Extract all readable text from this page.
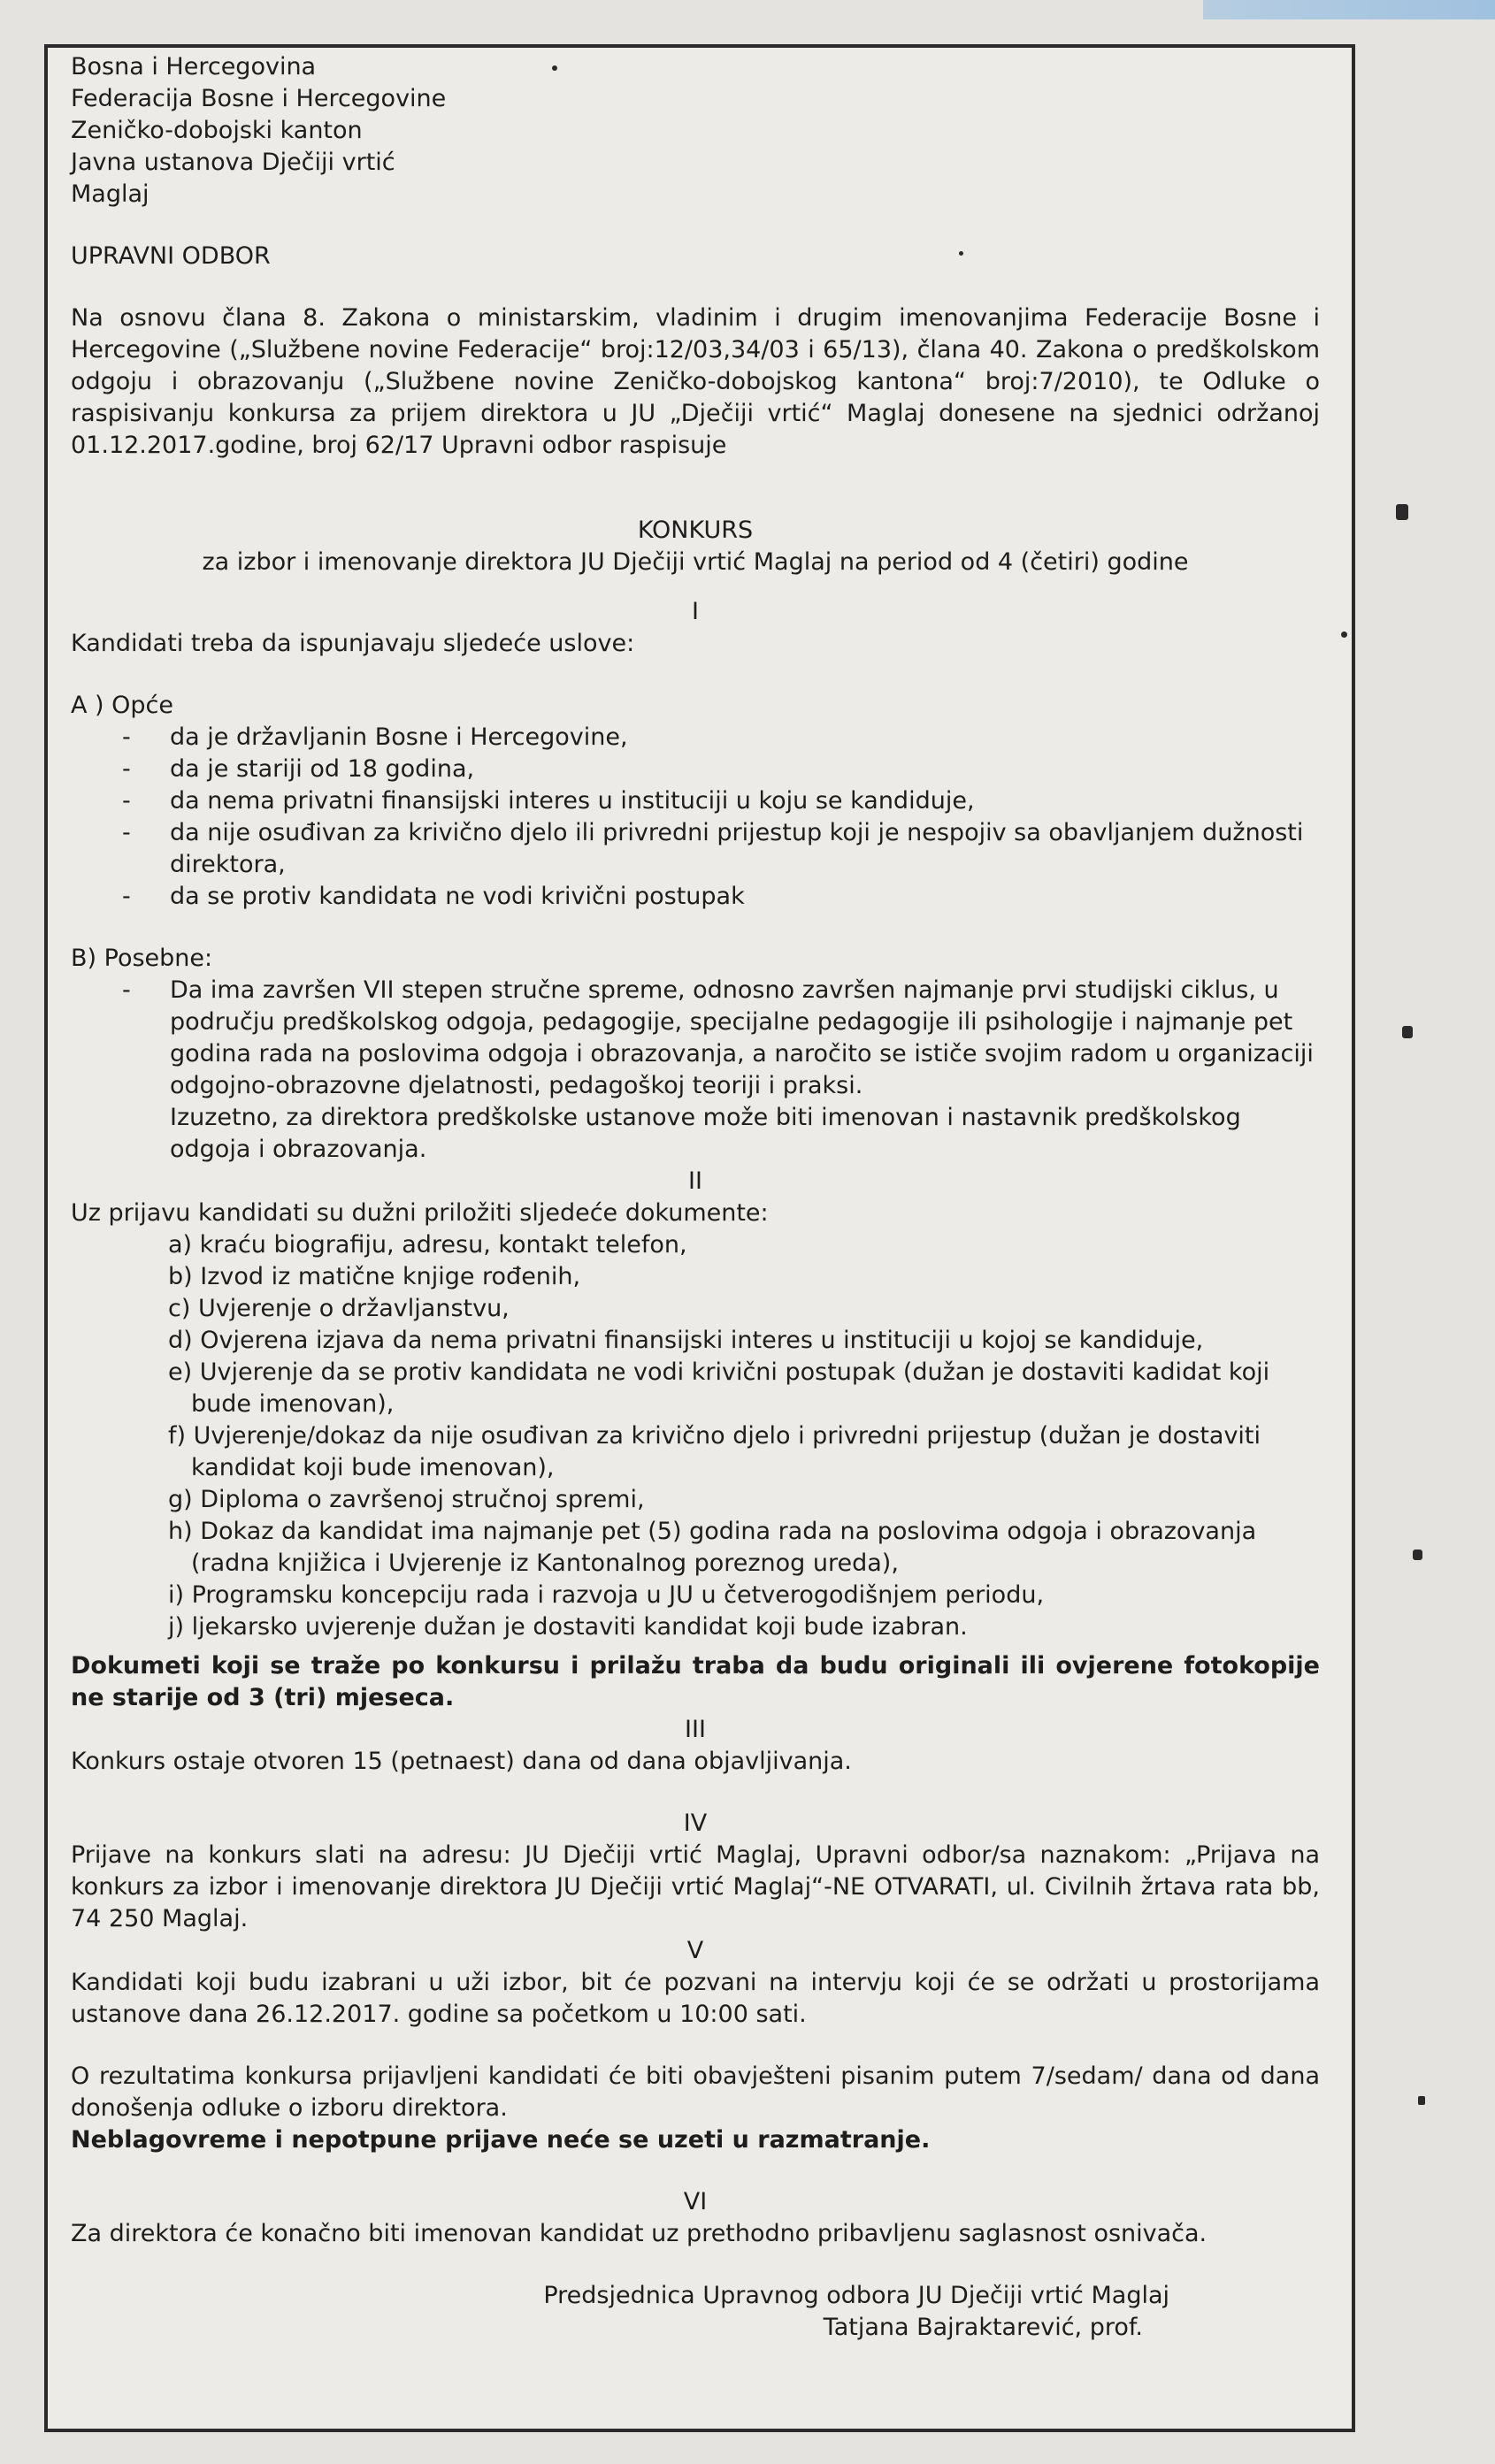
Bosna i Hercegovina

Federacija Bosne i Hercegovine

Zeničko-dobojski kanton

Javna ustanova Dječiji vrtić

Maglaj

UPRAVNI ODBOR

Na osnovu člana 8. Zakona o ministarskim, vladinim i drugim imenovanjima Federacije Bosne i Hercegovine („Službene novine Federacije“ broj:12/03,34/03 i 65/13), člana 40. Zakona o predškolskom odgoju i obrazovanju („Službene novine Zeničko-dobojskog kantona“ broj:7/2010), te Odluke o raspisivanju konkursa za prijem direktora u JU „Dječiji vrtić“ Maglaj donesene na sjednici održanoj 01.12.2017.godine, broj 62/17 Upravni odbor raspisuje

KONKURS

za izbor i imenovanje direktora JU Dječiji vrtić Maglaj na period od 4 (četiri) godine

I

Kandidati treba da ispunjavaju sljedeće uslove:

A ) Opće

- da je državljanin Bosne i Hercegovine,
- da je stariji od 18 godina,
- da nema privatni finansijski interes u instituciji u koju se kandiduje,
- da nije osuđivan za krivično djelo ili privredni prijestup koji je nespojiv sa obavljanjem dužnosti direktora,
- da se protiv kandidata ne vodi krivični postupak

B) Posebne:

- Da ima završen VII stepen stručne spreme, odnosno završen najmanje prvi studijski ciklus, u području predškolskog odgoja, pedagogije, specijalne pedagogije ili psihologije i najmanje pet godina rada na poslovima odgoja i obrazovanja, a naročito se ističe svojim radom u organizaciji odgojno-obrazovne djelatnosti, pedagoškoj teoriji i praksi.

Izuzetno, za direktora predškolske ustanove može biti imenovan i nastavnik predškolskog odgoja i obrazovanja.

II

Uz prijavu kandidati su dužni priložiti sljedeće dokumente:

a) kraću biografiju, adresu, kontakt telefon,
b) Izvod iz matične knjige rođenih,
c) Uvjerenje o državljanstvu,
d) Ovjerena izjava da nema privatni finansijski interes u instituciji u kojoj se kandiduje,
e) Uvjerenje da se protiv kandidata ne vodi krivični postupak (dužan je dostaviti kadidat koji bude imenovan),
f) Uvjerenje/dokaz da nije osuđivan za krivično djelo i privredni prijestup (dužan je dostaviti kandidat koji bude imenovan),
g) Diploma o završenoj stručnoj spremi,
h) Dokaz da kandidat ima najmanje pet (5) godina rada na poslovima odgoja i obrazovanja (radna knjižica i Uvjerenje iz Kantonalnog poreznog ureda),
i) Programsku koncepciju rada i razvoja u JU u četverogodišnjem periodu,
j) ljekarsko uvjerenje dužan je dostaviti kandidat koji bude izabran.

Dokumeti koji se traže po konkursu i prilažu traba da budu originali ili ovjerene fotokopije ne starije od 3 (tri) mjeseca.

III

Konkurs ostaje otvoren 15 (petnaest) dana od dana objavljivanja.

IV

Prijave na konkurs slati na adresu: JU Dječiji vrtić Maglaj, Upravni odbor/sa naznakom: „Prijava na konkurs za izbor i imenovanje direktora JU Dječiji vrtić Maglaj“-NE OTVARATI, ul. Civilnih žrtava rata bb, 74 250 Maglaj.

V

Kandidati koji budu izabrani u uži izbor, bit će pozvani na intervju koji će se održati u prostorijama ustanove dana 26.12.2017. godine sa početkom u 10:00 sati.

O rezultatima konkursa prijavljeni kandidati će biti obavješteni pisanim putem 7/sedam/ dana od dana donošenja odluke o izboru direktora.

Neblagovreme i nepotpune prijave neće se uzeti u razmatranje.

VI

Za direktora će konačno biti imenovan kandidat uz prethodno pribavljenu saglasnost osnivača.

Predsjednica Upravnog odbora JU Dječiji vrtić Maglaj

Tatjana Bajraktarević, prof.
